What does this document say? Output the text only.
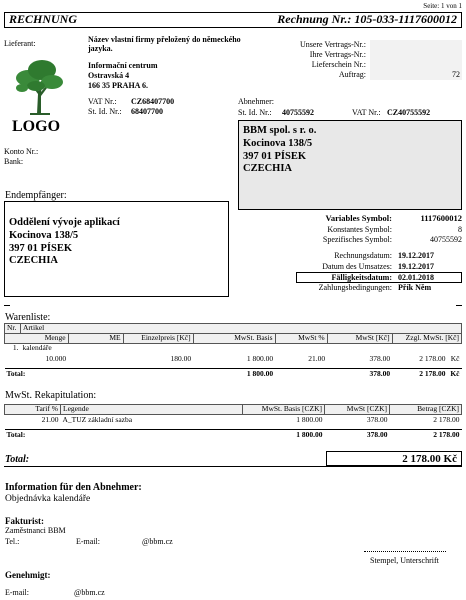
Seite: 1 von 1
RECHNUNG	Rechnung Nr.: 105-033-1117600012
Lieferant:
LOGO
Název vlastní firmy přeložený do německého jazyka.
Informační centrum
Ostravská 4
166 35 PRAHA 6.
VAT Nr.:	CZ68407700
St. Id. Nr.: 68407700
Konto Nr.:
Bank:
Unsere Vertrags-Nr.:
Ihre Vertrags-Nr.:
Lieferschein Nr.:
Auftrag:	72
Abnehmer:
St. Id. Nr.: 40755592	VAT Nr.: CZ40755592
BBM spol. s r. o.
Kocinova 138/5
397 01 PÍSEK
CZECHIA
Endempfänger:
Oddělení vývoje aplikací
Kocinova 138/5
397 01 PÍSEK
CZECHIA
Variables Symbol:	1117600012
Konstantes Symbol:	8
Spezifisches Symbol:	40755592
Rechnungsdatum: 19.12.2017
Datum des Umsatzes: 19.12.2017
Fälligkeitsdatum: 02.01.2018
Zahlungsbedingungen: Přík Něm
Warenliste:
Nr.	Artikel						
Menge		ME	Einzelpreis [Kč]	MwSt. Basis	MwSt %	MwSt [Kč]	Zzgl. MwSt. [Kč]
1.	kalendáře						
10.000			180.00	1 800.00	21.00	378.00	2 178.00 Kč

Total:				1 800.00		378.00	2 178.00 Kč
MwSt. Rekapitulation:
Tarif %	Legende	MwSt. Basis [CZK]	MwSt [CZK]	Betrag [CZK]
21.00	A_TUZ základní sazba	1 800.00	378.00	2 178.00

Total:		1 800.00	378.00	2 178.00
Total:	2 178.00 Kč
Information für den Abnehmer:
Objednávka kalendáře
Fakturist:
Zaměstnanci BBM
Tel.:	E-mail:	@bbm.cz
Stempel, Unterschrift
Genehmigt:
E-mail:	@bbm.cz
